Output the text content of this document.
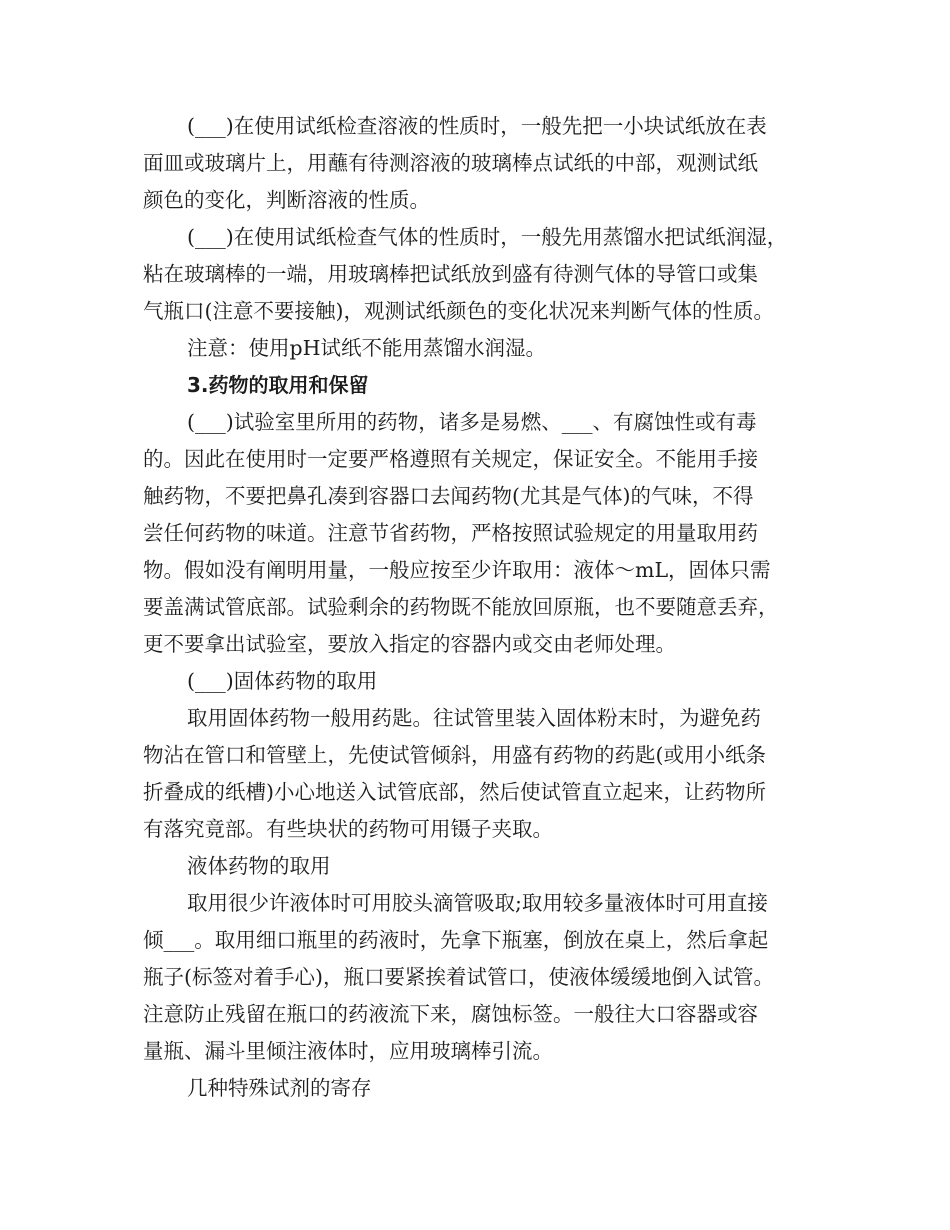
(___)在使用试纸检查溶液的性质时，一般先把一小块试纸放在表
面皿或玻璃片上，用蘸有待测溶液的玻璃棒点试纸的中部，观测试纸
颜色的变化，判断溶液的性质。

(___)在使用试纸检查气体的性质时，一般先用蒸馏水把试纸润湿，
粘在玻璃棒的一端，用玻璃棒把试纸放到盛有待测气体的导管口或集
气瓶口(注意不要接触)，观测试纸颜色的变化状况来判断气体的性质。

注意：使用pH试纸不能用蒸馏水润湿。

3.药物的取用和保留

(___)试验室里所用的药物，诸多是易燃、___、有腐蚀性或有毒
的。因此在使用时一定要严格遵照有关规定，保证安全。不能用手接
触药物，不要把鼻孔凑到容器口去闻药物(尤其是气体)的气味，不得
尝任何药物的味道。注意节省药物，严格按照试验规定的用量取用药
物。假如没有阐明用量，一般应按至少许取用：液体～mL，固体只需
要盖满试管底部。试验剩余的药物既不能放回原瓶，也不要随意丢弃，
更不要拿出试验室，要放入指定的容器内或交由老师处理。

(___)固体药物的取用

取用固体药物一般用药匙。往试管里装入固体粉末时，为避免药
物沾在管口和管壁上，先使试管倾斜，用盛有药物的药匙(或用小纸条
折叠成的纸槽)小心地送入试管底部，然后使试管直立起来，让药物所
有落究竟部。有些块状的药物可用镊子夹取。

液体药物的取用

取用很少许液体时可用胶头滴管吸取;取用较多量液体时可用直接
倾___。取用细口瓶里的药液时，先拿下瓶塞，倒放在桌上，然后拿起
瓶子(标签对着手心)，瓶口要紧挨着试管口，使液体缓缓地倒入试管。
注意防止残留在瓶口的药液流下来，腐蚀标签。一般往大口容器或容
量瓶、漏斗里倾注液体时，应用玻璃棒引流。

几种特殊试剂的寄存
